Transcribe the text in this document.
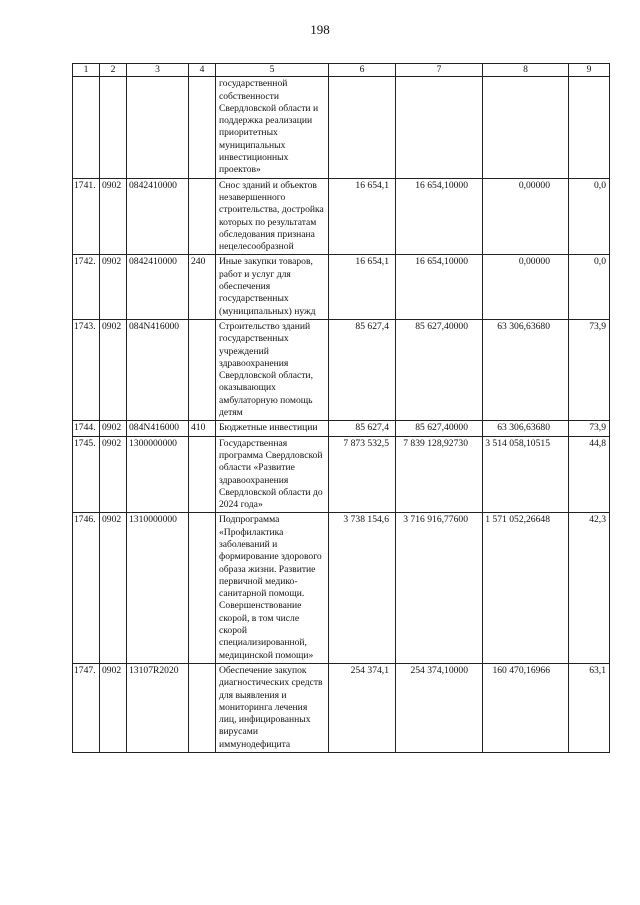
198
1	2	3	4	5	6	7	8	9
				государственной собственности Свердловской области и поддержка реализации приоритетных муниципальных инвестиционных проектов»				
1741.	0902	0842410000		Снос зданий и объектов незавершенного строительства, достройка которых по результатам обследования признана нецелесообразной	16 654,1	16 654,10000	0,00000	0,0
1742.	0902	0842410000	240	Иные закупки товаров, работ и услуг для обеспечения государственных (муниципальных) нужд	16 654,1	16 654,10000	0,00000	0,0
1743.	0902	084N416000		Строительство зданий государственных учреждений здравоохранения Свердловской области, оказывающих амбулаторную помощь детям	85 627,4	85 627,40000	63 306,63680	73,9
1744.	0902	084N416000	410	Бюджетные инвестиции	85 627,4	85 627,40000	63 306,63680	73,9
1745.	0902	1300000000		Государственная программа Свердловской области «Развитие здравоохранения Свердловской области до 2024 года»	7 873 532,5	7 839 128,92730	3 514 058,10515	44,8
1746.	0902	1310000000		Подпрограмма «Профилактика заболеваний и формирование здорового образа жизни. Развитие первичной медико-санитарной помощи. Совершенствование скорой, в том числе скорой специализированной, медицинской помощи»	3 738 154,6	3 716 916,77600	1 571 052,26648	42,3
1747.	0902	13107R2020		Обеспечение закупок диагностических средств для выявления и мониторинга лечения лиц, инфицированных вирусами иммунодефицита	254 374,1	254 374,10000	160 470,16966	63,1
